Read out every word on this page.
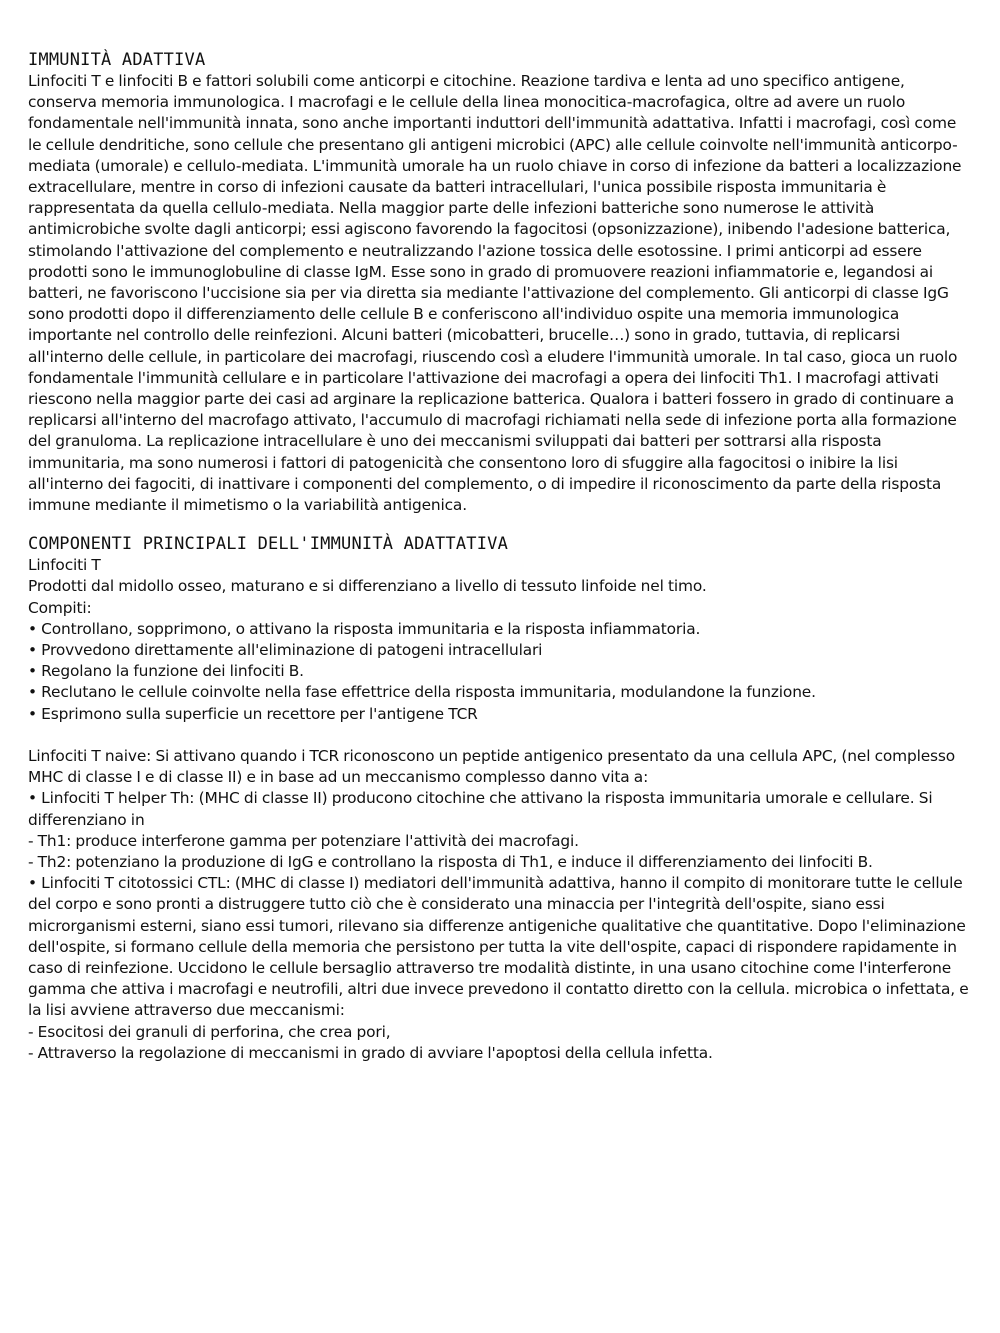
IMMUNITÀ ADATTIVA

Linfociti T e linfociti B e fattori solubili come anticorpi e citochine. Reazione tardiva e lenta ad uno specifico antigene, conserva memoria immunologica. I macrofagi e le cellule della linea monocitica-macrofagica, oltre ad avere un ruolo fondamentale nell'immunità innata, sono anche importanti induttori dell'immunità adattativa. Infatti i macrofagi, così come le cellule dendritiche, sono cellule che presentano gli antigeni microbici (APC) alle cellule coinvolte nell'immunità anticorpo-mediata (umorale) e cellulo-mediata. L'immunità umorale ha un ruolo chiave in corso di infezione da batteri a localizzazione extracellulare, mentre in corso di infezioni causate da batteri intracellulari, l'unica possibile risposta immunitaria è rappresentata da quella cellulo-mediata. Nella maggior parte delle infezioni batteriche sono numerose le attività antimicrobiche svolte dagli anticorpi; essi agiscono favorendo la fagocitosi (opsonizzazione), inibendo l'adesione batterica, stimolando l'attivazione del complemento e neutralizzando l'azione tossica delle esotossine. I primi anticorpi ad essere prodotti sono le immunoglobuline di classe IgM. Esse sono in grado di promuovere reazioni infiammatorie e, legandosi ai batteri, ne favoriscono l'uccisione sia per via diretta sia mediante l'attivazione del complemento. Gli anticorpi di classe IgG sono prodotti dopo il differenziamento delle cellule B e conferiscono all'individuo ospite una memoria immunologica importante nel controllo delle reinfezioni. Alcuni batteri (micobatteri, brucelle…) sono in grado, tuttavia, di replicarsi all'interno delle cellule, in particolare dei macrofagi, riuscendo così a eludere l'immunità umorale. In tal caso, gioca un ruolo fondamentale l'immunità cellulare e in particolare l'attivazione dei macrofagi a opera dei linfociti Th1. I macrofagi attivati riescono nella maggior parte dei casi ad arginare la replicazione batterica. Qualora i batteri fossero in grado di continuare a replicarsi all'interno del macrofago attivato, l'accumulo di macrofagi richiamati nella sede di infezione porta alla formazione del granuloma. La replicazione intracellulare è uno dei meccanismi sviluppati dai batteri per sottrarsi alla risposta immunitaria, ma sono numerosi i fattori di patogenicità che consentono loro di sfuggire alla fagocitosi o inibire la lisi all'interno dei fagociti, di inattivare i componenti del complemento, o di impedire il riconoscimento da parte della risposta immune mediante il mimetismo o la variabilità antigenica.

COMPONENTI PRINCIPALI DELL'IMMUNITÀ ADATTATIVA

Linfociti T

Prodotti dal midollo osseo, maturano e si differenziano a livello di tessuto linfoide nel timo.

Compiti:

• Controllano, sopprimono, o attivano la risposta immunitaria e la risposta infiammatoria.
• Provvedono direttamente all'eliminazione di patogeni intracellulari
• Regolano la funzione dei linfociti B.
• Reclutano le cellule coinvolte nella fase effettrice della risposta immunitaria, modulandone la funzione.
• Esprimono sulla superficie un recettore per l'antigene TCR

Linfociti T naive: Si attivano quando i TCR riconoscono un peptide antigenico presentato da una cellula APC, (nel complesso MHC di classe I e di classe II) e in base ad un meccanismo complesso danno vita a:

• Linfociti T helper Th: (MHC di classe II) producono citochine che attivano la risposta immunitaria umorale e cellulare. Si differenziano in

- Th1: produce interferone gamma per potenziare l'attività dei macrofagi.

- Th2: potenziano la produzione di IgG e controllano la risposta di Th1, e induce il differenziamento dei linfociti B.

• Linfociti T citotossici CTL: (MHC di classe I) mediatori dell'immunità adattiva, hanno il compito di monitorare tutte le cellule del corpo e sono pronti a distruggere tutto ciò che è considerato una minaccia per l'integrità dell'ospite, siano essi microrganismi esterni, siano essi tumori, rilevano sia differenze antigeniche qualitative che quantitative. Dopo l'eliminazione dell'ospite, si formano cellule della memoria che persistono per tutta la vite dell'ospite, capaci di rispondere rapidamente in caso di reinfezione. Uccidono le cellule bersaglio attraverso tre modalità distinte, in una usano citochine come l'interferone gamma che attiva i macrofagi e neutrofili, altri due invece prevedono il contatto diretto con la cellula. microbica o infettata, e la lisi avviene attraverso due meccanismi:

- Esocitosi dei granuli di perforina, che crea pori,

- Attraverso la regolazione di meccanismi in grado di avviare l'apoptosi della cellula infetta.
